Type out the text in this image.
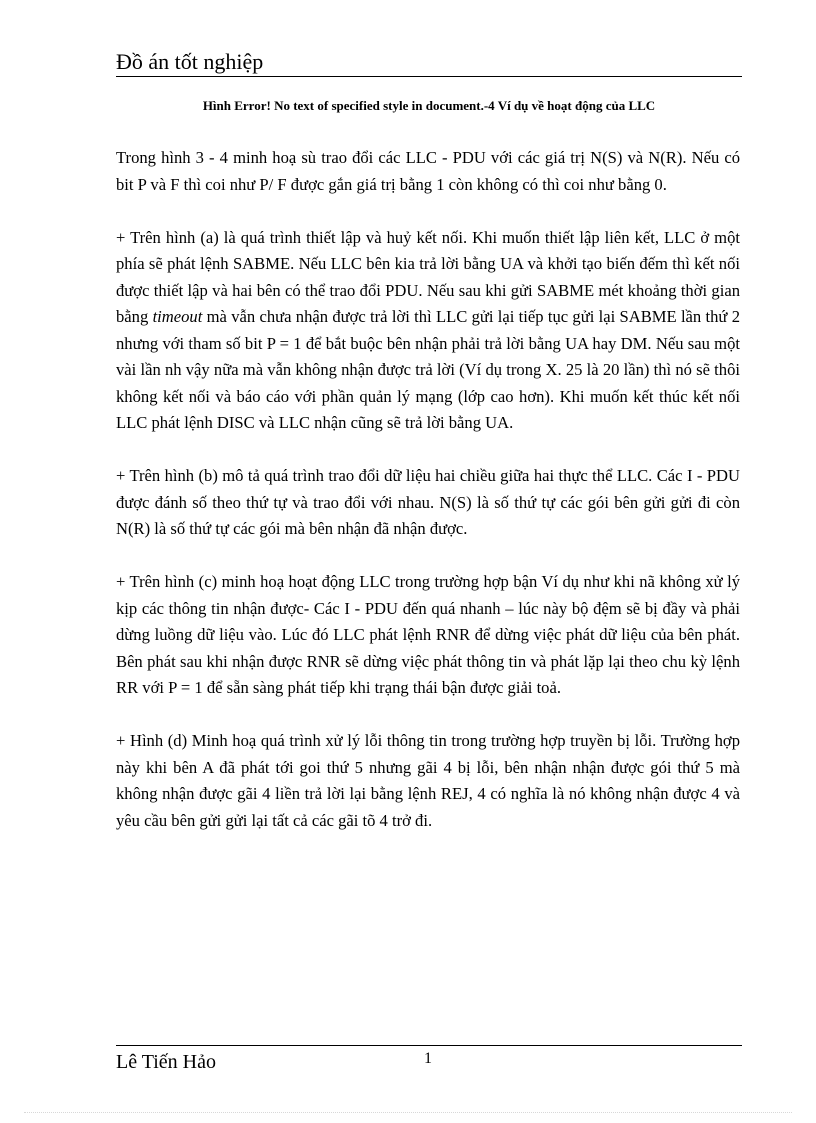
Đồ án tốt nghiệp
Hình Error! No text of specified style in document.-4 Ví dụ về hoạt động của LLC

Trong hình 3 - 4 minh hoạ sù trao đổi các LLC - PDU với các giá trị N(S) và N(R). Nếu có bit P và F thì coi như P/ F được gắn giá trị bằng 1 còn không có thì coi như bằng 0.

+ Trên hình (a) là quá trình thiết lập và huỷ kết nối. Khi muốn thiết lập liên kết, LLC ở một phía sẽ phát lệnh SABME. Nếu LLC bên kia trả lời bằng UA và khởi tạo biến đếm thì kết nối được thiết lập và hai bên có thể trao đổi PDU. Nếu sau khi gửi SABME mét khoảng thời gian bằng timeout mà vẫn chưa nhận được trả lời thì LLC gửi lại tiếp tục gửi lại SABME lần thứ 2 nhưng với tham số bit P = 1 để bắt buộc bên nhận phải trả lời bằng UA hay DM. Nếu sau một vài lần nh vậy nữa mà vẫn không nhận được trả lời (Ví dụ trong X. 25 là 20 lần) thì nó sẽ thôi không kết nối và báo cáo với phần quản lý mạng (lớp cao hơn). Khi muốn kết thúc kết nối LLC phát lệnh DISC và LLC nhận cũng sẽ trả lời bằng UA.

+ Trên hình (b) mô tả quá trình trao đổi dữ liệu hai chiều giữa hai thực thể LLC. Các I - PDU được đánh số theo thứ tự và trao đổi với nhau. N(S) là số thứ tự các gói bên gửi gửi đi còn N(R) là số thứ tự các gói mà bên nhận đã nhận được.

+ Trên hình (c) minh hoạ hoạt động LLC trong trường hợp bận Ví dụ như khi nã không xử lý kịp các thông tin nhận được- Các I - PDU đến quá nhanh – lúc này bộ đệm sẽ bị đầy và phải dừng luồng dữ liệu vào. Lúc đó LLC phát lệnh RNR để dừng việc phát dữ liệu của bên phát. Bên phát sau khi nhận được RNR sẽ dừng việc phát thông tin và phát lặp lại theo chu kỳ lệnh RR với P = 1 để sẵn sàng phát tiếp khi trạng thái bận được giải toả.

+ Hình (d) Minh hoạ quá trình xử lý lỗi thông tin trong trường hợp truyền bị lỗi. Trường hợp này khi bên A đã phát tới goi thứ 5 nhưng gãi 4 bị lỗi, bên nhận nhận được gói thứ 5 mà không nhận được gãi 4 liền trả lời lại bằng lệnh REJ, 4 có nghĩa là nó không nhận được 4 và yêu cầu bên gửi gửi lại tất cả các gãi tõ 4 trở đi.

Lê Tiến Hảo	1
